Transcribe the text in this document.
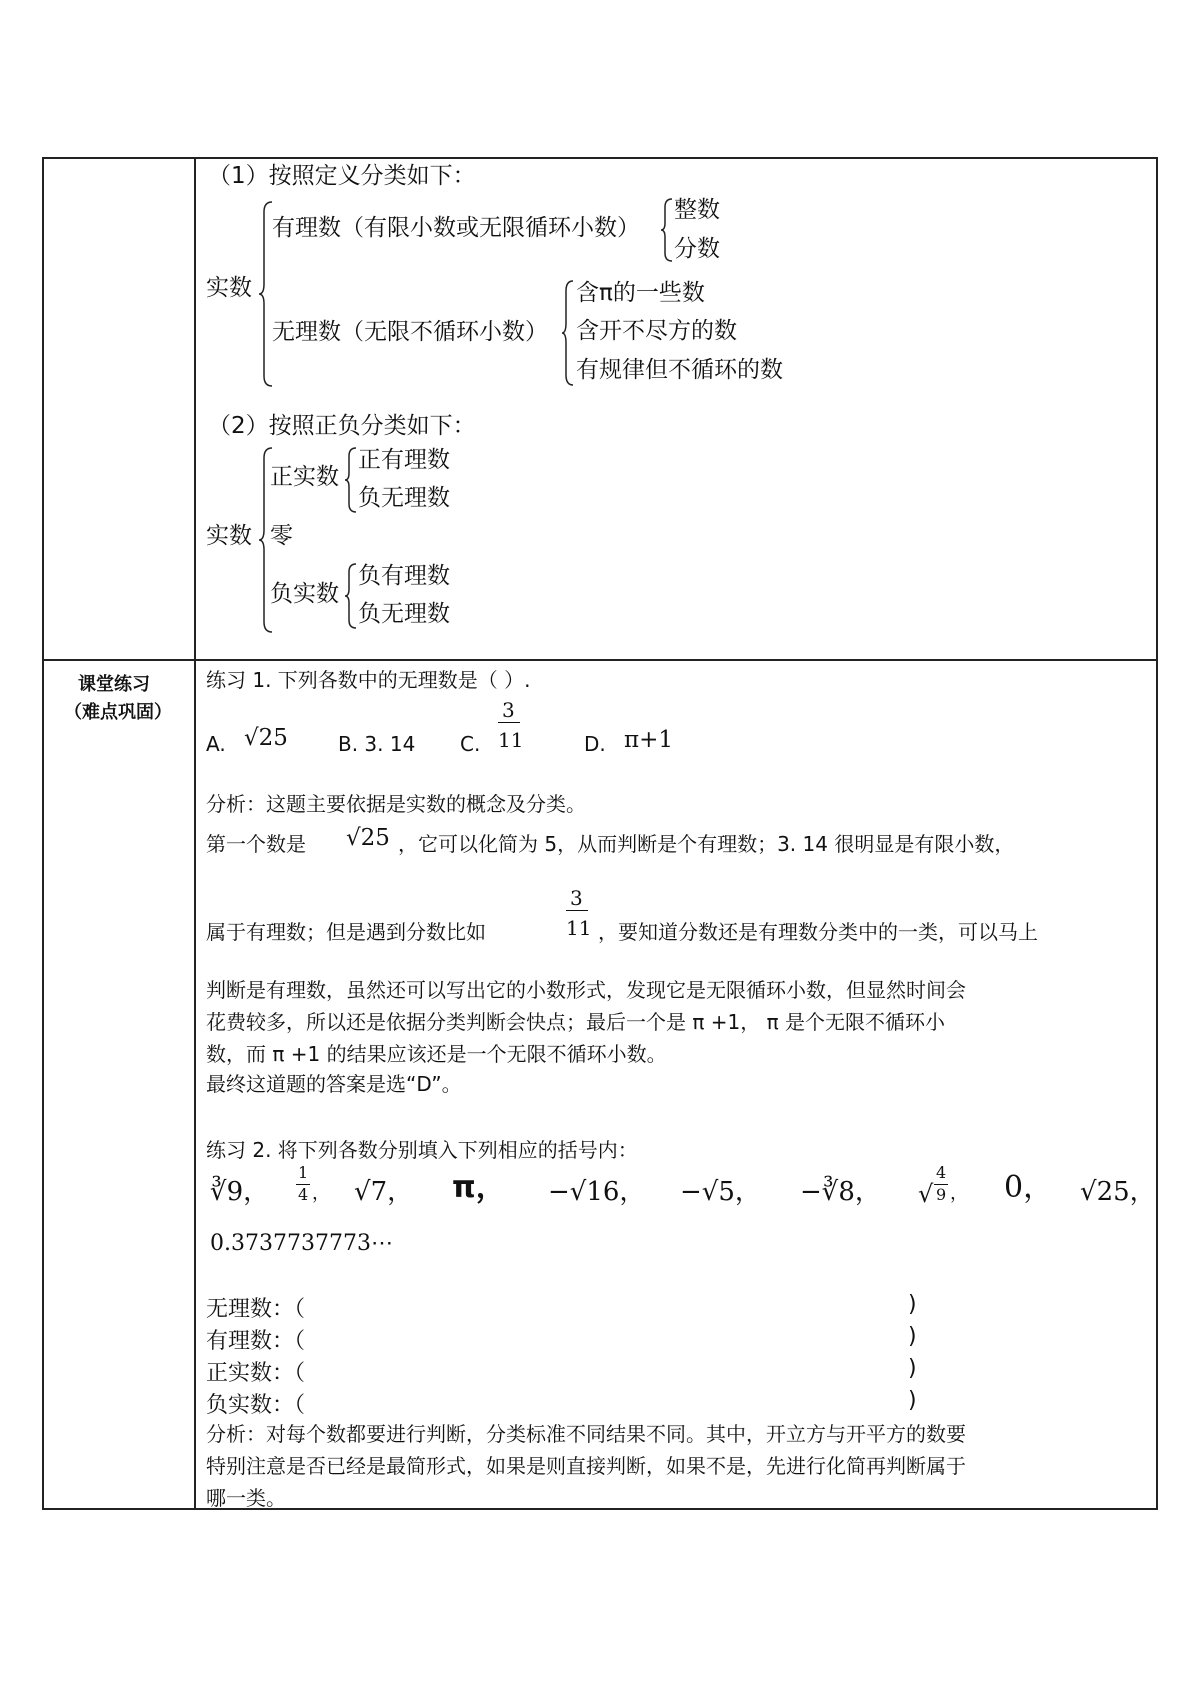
（1）按照定义分类如下：
实数
有理数（有限小数或无限循环小数）
整数
分数
无理数（无限不循环小数）
含π的一些数
含开不尽方的数
有规律但不循环的数
（2）按照正负分类如下：
实数
正实数
正有理数
负无理数
零
负实数
负有理数
负无理数
课堂练习
（难点巩固）
练习 1. 下列各数中的无理数是（ ）.
A. √25	B. 3. 14 C.
3
11	D. π+1
分析：这题主要依据是实数的概念及分类。
第一个数是 √25 ，它可以化简为 5，从而判断是个有理数；3. 14 很明显是有限小数，
属于有理数；但是遇到分数比如
3
11 ，要知道分数还是有理数分类中的一类，可以马上
判断是有理数，虽然还可以写出它的小数形式，发现它是无限循环小数，但显然时间会
花费较多，所以还是依据分类判断会快点；最后一个是 π +1， π 是个无限不循环小
数，而 π +1 的结果应该还是一个无限不循环小数。
最终这道题的答案是选“D”。
练习 2. 将下列各数分别填入下列相应的括号内：
∛9，
1
4 ， √7， π， −√16， −√5， −∛8， √
4
9 ， 0， √25，
0.3737737773⋯
无理数：（	)
有理数：（	)
正实数：（	)
负实数：（	)
分析：对每个数都要进行判断，分类标准不同结果不同。其中，开立方与开平方的数要
特别注意是否已经是最简形式，如果是则直接判断，如果不是，先进行化简再判断属于
哪一类。
